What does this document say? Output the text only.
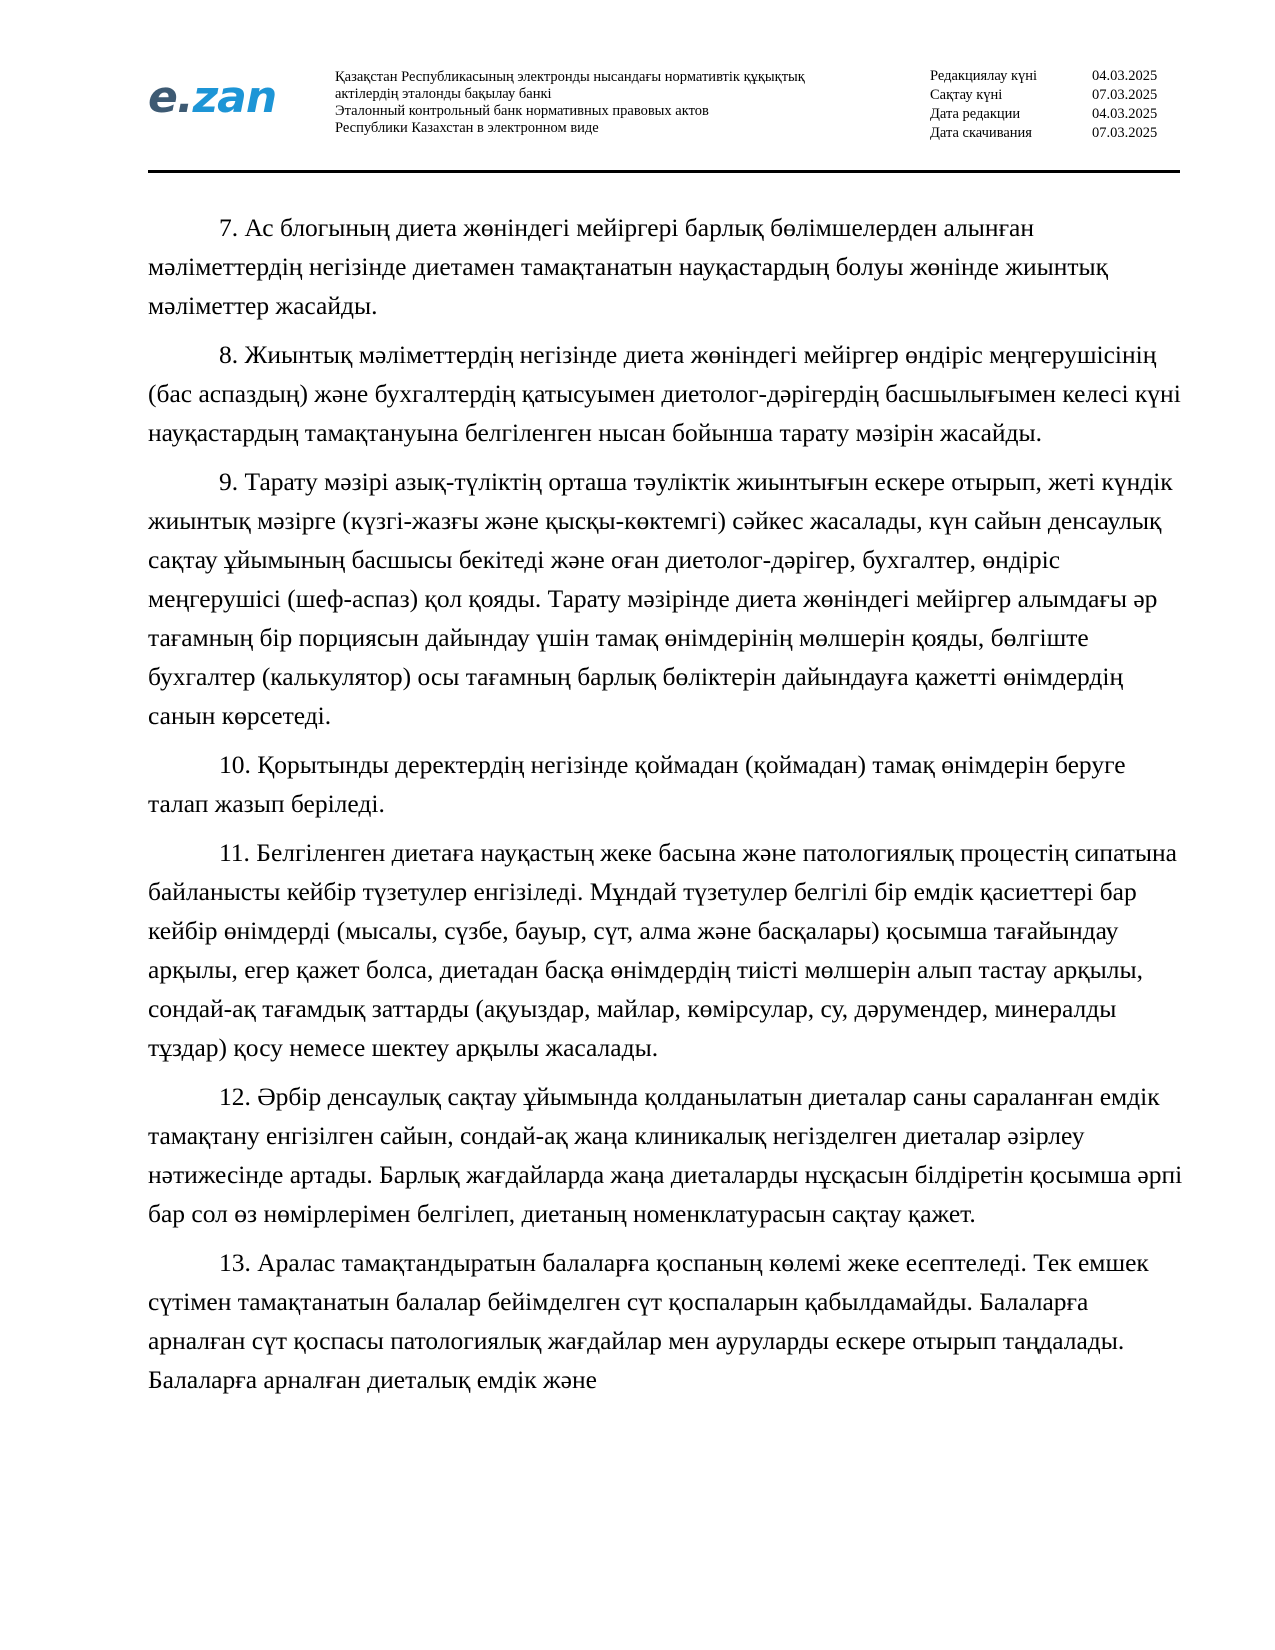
e.zan	Қазақстан Республикасының электронды нысандағы нормативтік құқықтық
актілердің эталонды бақылау банкі
Эталонный контрольный банк нормативных правовых актов
Республики Казахстан в электронном виде
Редакциялау күні	04.03.2025
Сақтау күні	07.03.2025
Дата редакции	04.03.2025
Дата скачивания	07.03.2025

7. Ас блогының диета жөніндегі мейіргері барлық бөлімшелерден алынған мәліметтердің негізінде диетамен тамақтанатын науқастардың болуы жөнінде жиынтық мәліметтер жасайды.

8. Жиынтық мәліметтердің негізінде диета жөніндегі мейіргер өндіріс меңгерушісінің (бас аспаздың) және бухгалтердің қатысуымен диетолог-дәрігердің басшылығымен келесі күні науқастардың тамақтануына белгіленген нысан бойынша тарату мәзірін жасайды.

9. Тарату мәзірі азық-түліктің орташа тәуліктік жиынтығын ескере отырып, жеті күндік жиынтық мәзірге (күзгі-жазғы және қысқы-көктемгі) сәйкес жасалады, күн сайын денсаулық сақтау ұйымының басшысы бекітеді және оған диетолог-дәрігер, бухгалтер, өндіріс меңгерушісі (шеф-аспаз) қол қояды. Тарату мәзірінде диета жөніндегі мейіргер алымдағы әр тағамның бір порциясын дайындау үшін тамақ өнімдерінің мөлшерін қояды, бөлгіште бухгалтер (калькулятор) осы тағамның барлық бөліктерін дайындауға қажетті өнімдердің санын көрсетеді.

10. Қорытынды деректердің негізінде қоймадан (қоймадан) тамақ өнімдерін беруге талап жазып беріледі.

11. Белгіленген диетаға науқастың жеке басына және патологиялық процестің сипатына байланысты кейбір түзетулер енгізіледі. Мұндай түзетулер белгілі бір емдік қасиеттері бар кейбір өнімдерді (мысалы, сүзбе, бауыр, сүт, алма және басқалары) қосымша тағайындау арқылы, егер қажет болса, диетадан басқа өнімдердің тиісті мөлшерін алып тастау арқылы, сондай-ақ тағамдық заттарды (ақуыздар, майлар, көмірсулар, су, дәрумендер, минералды тұздар) қосу немесе шектеу арқылы жасалады.

12. Әрбір денсаулық сақтау ұйымында қолданылатын диеталар саны сараланған емдік тамақтану енгізілген сайын, сондай-ақ жаңа клиникалық негізделген диеталар әзірлеу нәтижесінде артады. Барлық жағдайларда жаңа диеталарды нұсқасын білдіретін қосымша әрпі бар сол өз нөмірлерімен белгілеп, диетаның номенклатурасын сақтау қажет.

13. Аралас тамақтандыратын балаларға қоспаның көлемі жеке есептеледі. Тек емшек сүтімен тамақтанатын балалар бейімделген сүт қоспаларын қабылдамайды. Балаларға арналған сүт қоспасы патологиялық жағдайлар мен ауруларды ескере отырып таңдалады. Балаларға арналған диеталық емдік және
